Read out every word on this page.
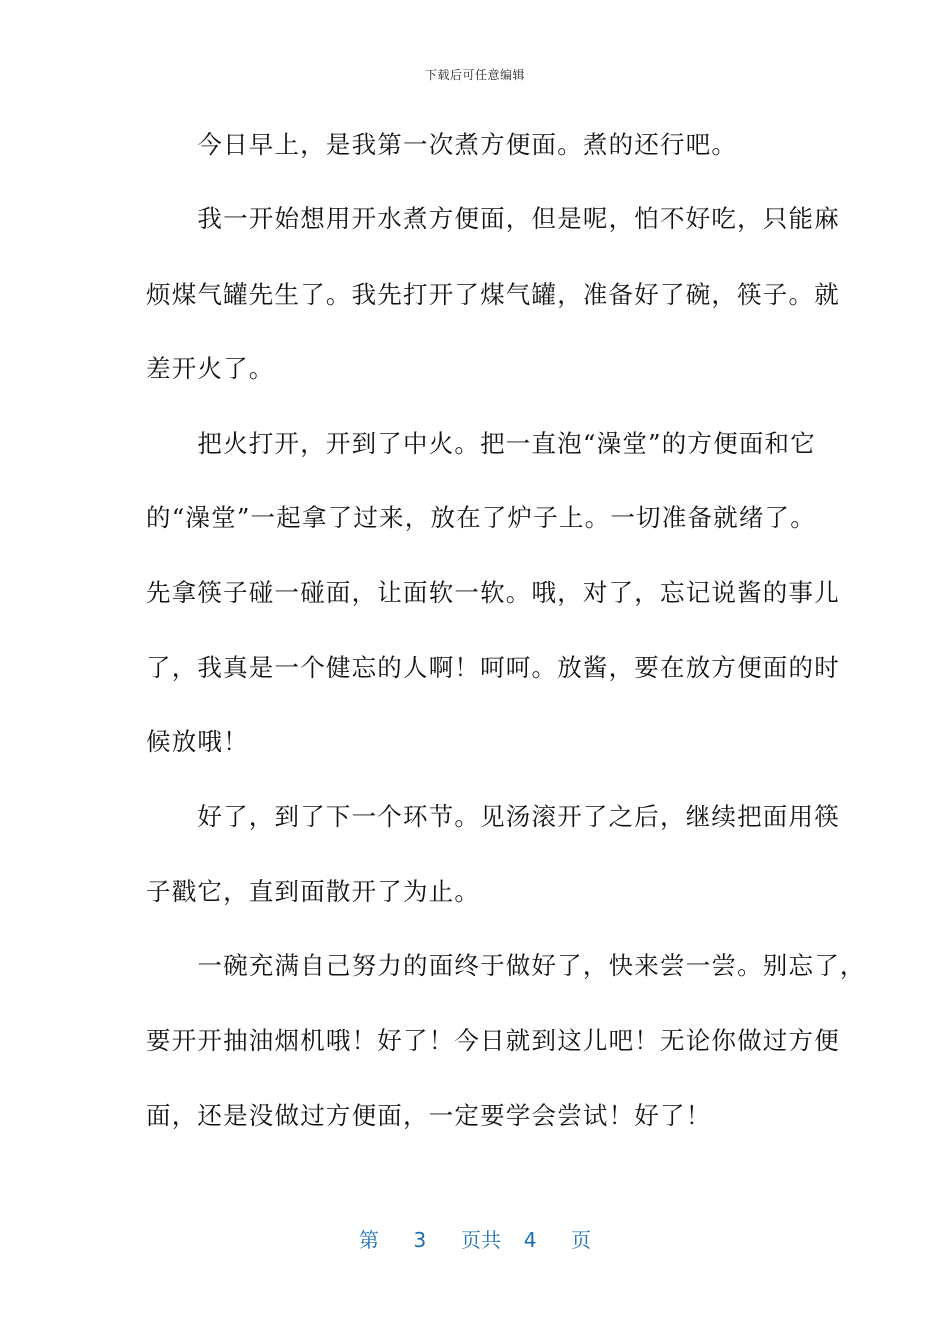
下载后可任意编辑
　　今日早上，是我第一次煮方便面。煮的还行吧。
　　我一开始想用开水煮方便面，但是呢，怕不好吃，只能麻
烦煤气罐先生了。我先打开了煤气罐，准备好了碗，筷子。就
差开火了。
　　把火打开，开到了中火。把一直泡“澡堂”的方便面和它
的“澡堂”一起拿了过来，放在了炉子上。一切准备就绪了。
先拿筷子碰一碰面，让面软一软。哦，对了，忘记说酱的事儿
了，我真是一个健忘的人啊！呵呵。放酱，要在放方便面的时
候放哦！
　　好了，到了下一个环节。见汤滚开了之后，继续把面用筷
子戳它，直到面散开了为止。
　　一碗充满自己努力的面终于做好了，快来尝一尝。别忘了，
要开开抽油烟机哦！好了！今日就到这儿吧！无论你做过方便
面，还是没做过方便面，一定要学会尝试！好了！
第 3 页共 4 页
